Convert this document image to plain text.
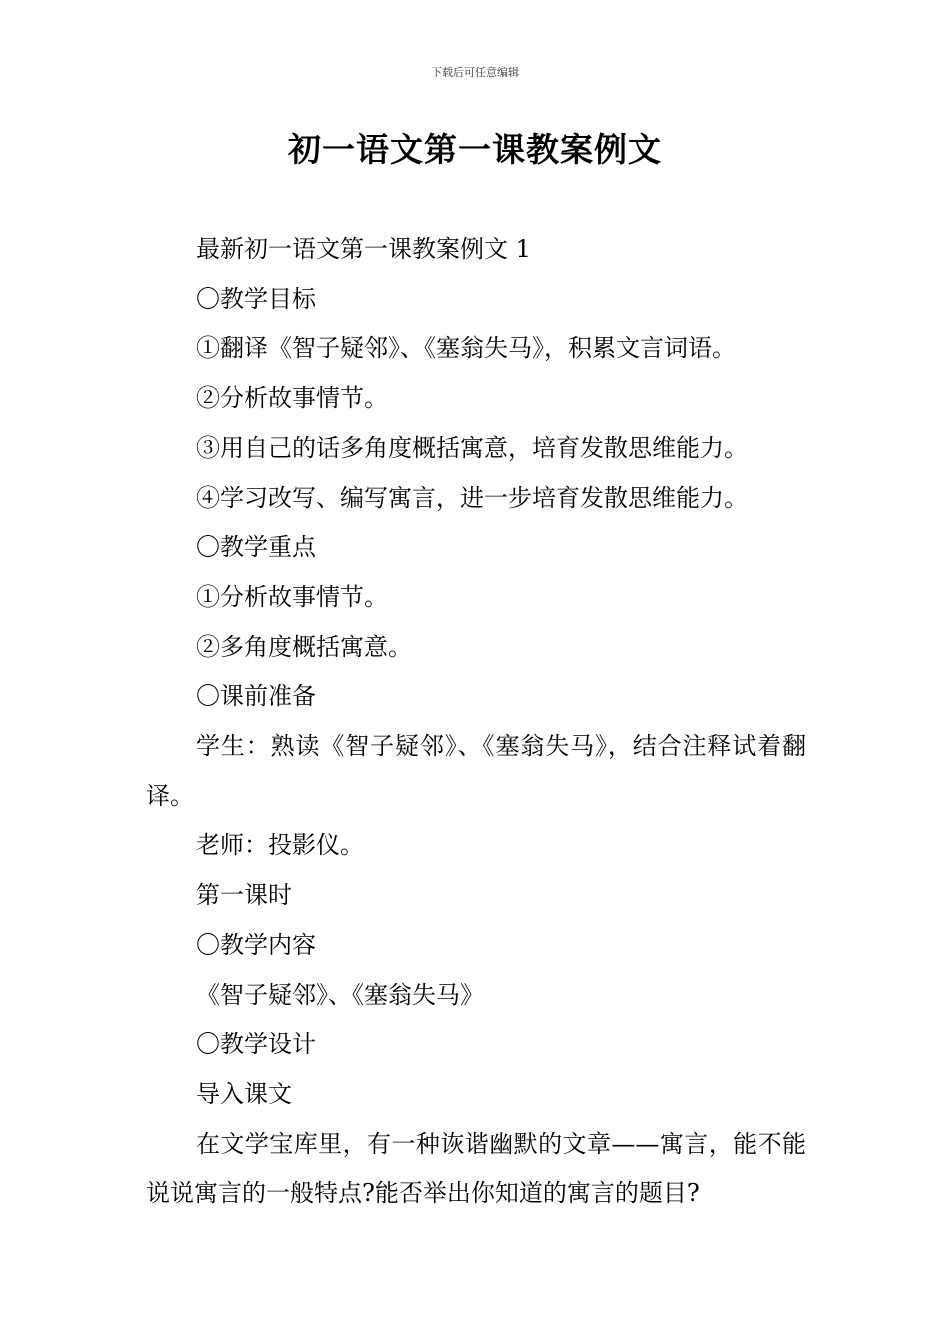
下载后可任意编辑
初一语文第一课教案例文

最新初一语文第一课教案例文 1

〇教学目标

①翻译《智子疑邻》、《塞翁失马》，积累文言词语。

②分析故事情节。

③用自己的话多角度概括寓意，培育发散思维能力。

④学习改写、编写寓言，进一步培育发散思维能力。

〇教学重点

①分析故事情节。

②多角度概括寓意。

〇课前准备

学生：熟读《智子疑邻》、《塞翁失马》，结合注释试着翻译。

老师：投影仪。

第一课时

〇教学内容

《智子疑邻》、《塞翁失马》

〇教学设计

导入课文

在文学宝库里，有一种诙谐幽默的文章——寓言，能不能说说寓言的一般特点?能否举出你知道的寓言的题目?
